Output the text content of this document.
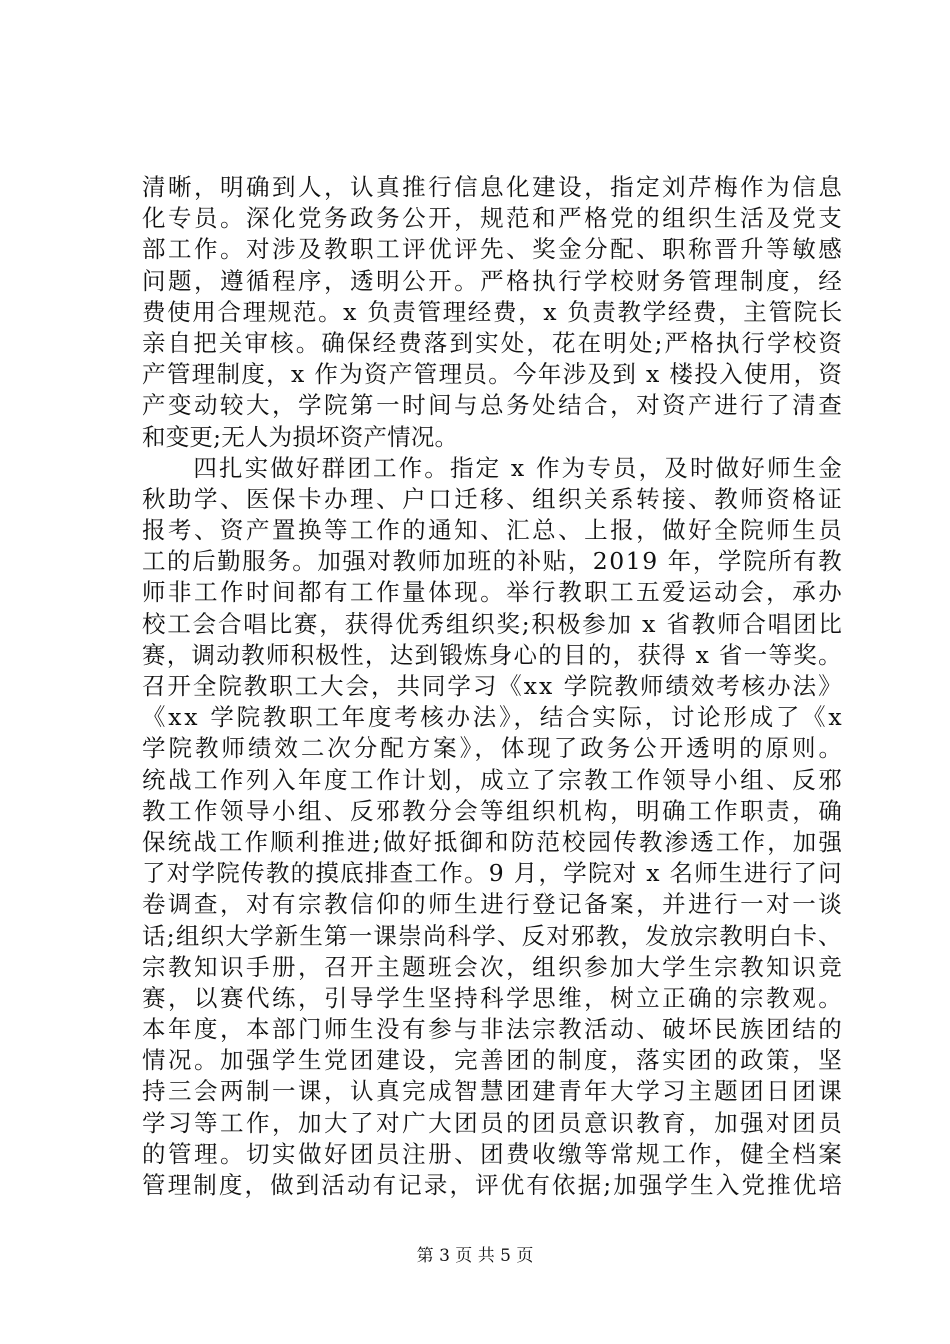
清晰，明确到人，认真推行信息化建设，指定刘芹梅作为信息
化专员。深化党务政务公开，规范和严格党的组织生活及党支
部工作。对涉及教职工评优评先、奖金分配、职称晋升等敏感
问题，遵循程序，透明公开。严格执行学校财务管理制度，经
费使用合理规范。x 负责管理经费，x 负责教学经费，主管院长
亲自把关审核。确保经费落到实处，花在明处;严格执行学校资
产管理制度，x 作为资产管理员。今年涉及到 x 楼投入使用，资
产变动较大，学院第一时间与总务处结合，对资产进行了清查
和变更;无人为损坏资产情况。
　　四扎实做好群团工作。指定 x 作为专员，及时做好师生金
秋助学、医保卡办理、户口迁移、组织关系转接、教师资格证
报考、资产置换等工作的通知、汇总、上报，做好全院师生员
工的后勤服务。加强对教师加班的补贴，2019 年，学院所有教
师非工作时间都有工作量体现。举行教职工五爱运动会，承办
校工会合唱比赛，获得优秀组织奖;积极参加 x 省教师合唱团比
赛，调动教师积极性，达到锻炼身心的目的，获得 x 省一等奖。
召开全院教职工大会，共同学习《xx 学院教师绩效考核办法》
《xx 学院教职工年度考核办法》，结合实际，讨论形成了《x
学院教师绩效二次分配方案》，体现了政务公开透明的原则。
统战工作列入年度工作计划，成立了宗教工作领导小组、反邪
教工作领导小组、反邪教分会等组织机构，明确工作职责，确
保统战工作顺利推进;做好抵御和防范校园传教渗透工作，加强
了对学院传教的摸底排查工作。9 月，学院对 x 名师生进行了问
卷调查，对有宗教信仰的师生进行登记备案，并进行一对一谈
话;组织大学新生第一课崇尚科学、反对邪教，发放宗教明白卡、
宗教知识手册，召开主题班会次，组织参加大学生宗教知识竞
赛，以赛代练，引导学生坚持科学思维，树立正确的宗教观。
本年度，本部门师生没有参与非法宗教活动、破坏民族团结的
情况。加强学生党团建设，完善团的制度，落实团的政策，坚
持三会两制一课，认真完成智慧团建青年大学习主题团日团课
学习等工作，加大了对广大团员的团员意识教育，加强对团员
的管理。切实做好团员注册、团费收缴等常规工作，健全档案
管理制度，做到活动有记录，评优有依据;加强学生入党推优培
第 3 页 共 5 页
